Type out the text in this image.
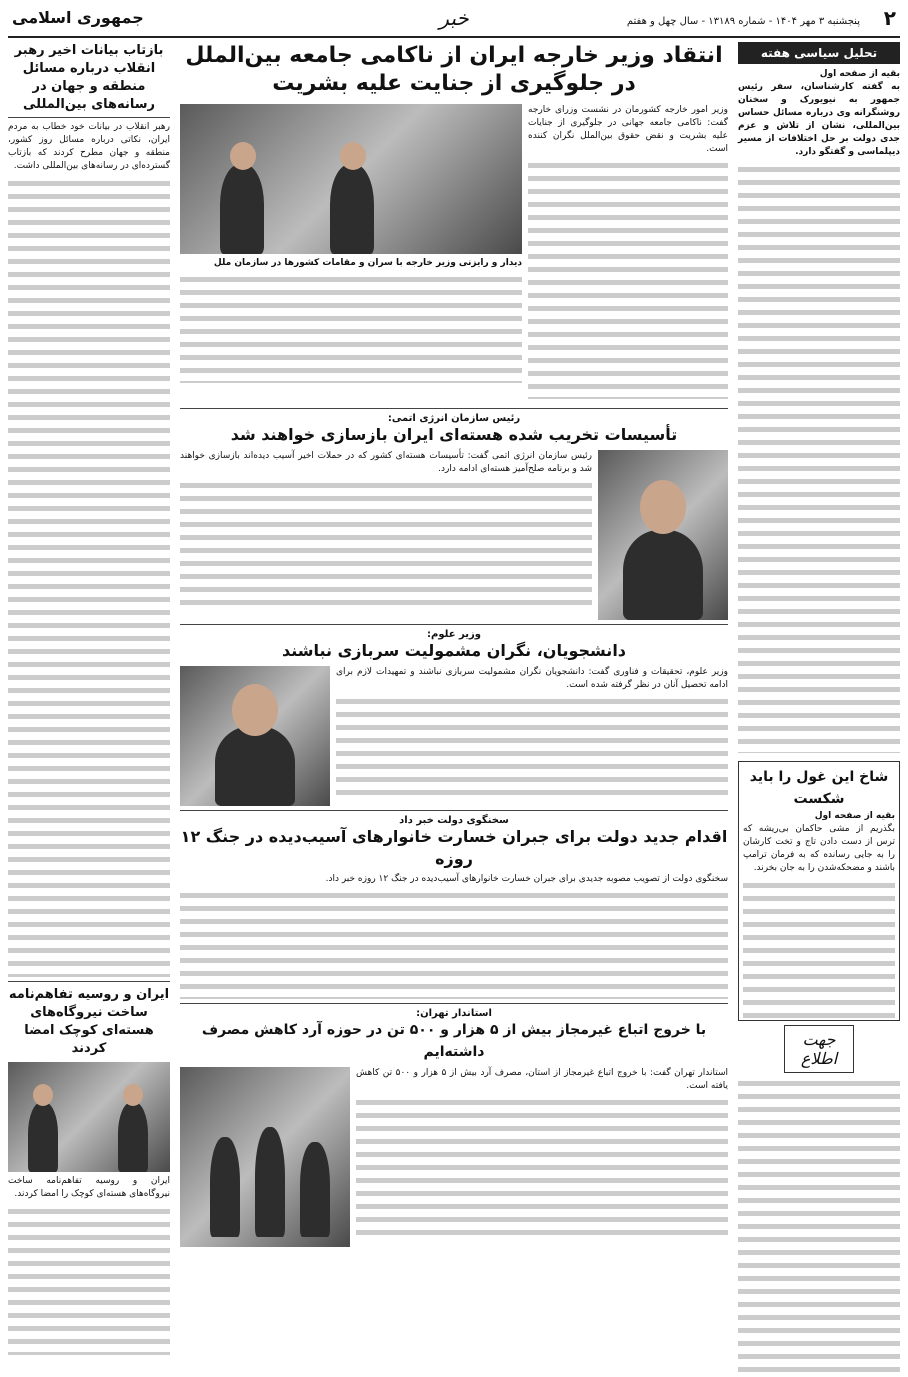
۲
پنجشنبه ۳ مهر ۱۴۰۴ - شماره ۱۳۱۸۹ - سال چهل و هفتم
خبر
جمهوری اسلامی
تحلیل سیاسی هفته
بقیه از صفحه اول
به گفته کارشناسان، سفر رئیس جمهور به نیویورک و سخنان روشنگرانه وی درباره مسائل حساس بین‌المللی، نشان از تلاش و عزم جدی دولت بر حل اختلافات از مسیر دیپلماسی و گفتگو دارد.
شاخ این غول را باید شکست
بقیه از صفحه اول
بگذریم از مشی حاکمان بی‌ریشه که ترس از دست دادن تاج و تخت کارشان را به جایی رسانده که به فرمان ترامپ باشند و مضحکه‌شدن را به جان بخرند.
جهت اطلاع
بازتاب بیانات اخیر رهبر انقلاب درباره مسائل منطقه و جهان در رسانه‌های بین‌المللی
رهبر انقلاب در بیانات خود خطاب به مردم ایران، نکاتی درباره مسائل روز کشور، منطقه و جهان مطرح کردند که بازتاب گسترده‌ای در رسانه‌های بین‌المللی داشت.
ایران و روسیه تفاهم‌نامه ساخت نیروگاه‌های هسته‌ای کوچک امضا کردند
ایران و روسیه تفاهم‌نامه ساخت نیروگاه‌های هسته‌ای کوچک را امضا کردند.
انتقاد وزیر خارجه ایران از ناکامی جامعه بین‌الملل در جلوگیری از جنایت علیه بشریت
وزیر امور خارجه کشورمان در نشست وزرای خارجه گفت: ناکامی جامعه جهانی در جلوگیری از جنایات علیه بشریت و نقض حقوق بین‌الملل نگران کننده است.
دیدار و رایزنی وزیر خارجه با سران و مقامات کشورها در سازمان ملل
رئیس سازمان انرژی اتمی:
تأسیسات تخریب شده هسته‌ای ایران بازسازی خواهند شد
رئیس سازمان انرژی اتمی گفت: تأسیسات هسته‌ای کشور که در حملات اخیر آسیب دیده‌اند بازسازی خواهند شد و برنامه صلح‌آمیز هسته‌ای ادامه دارد.
وزیر علوم:
دانشجویان، نگران مشمولیت سربازی نباشند
وزیر علوم، تحقیقات و فناوری گفت: دانشجویان نگران مشمولیت سربازی نباشند و تمهیدات لازم برای ادامه تحصیل آنان در نظر گرفته شده است.
سخنگوی دولت خبر داد
اقدام جدید دولت برای جبران خسارت خانوارهای آسیب‌دیده در جنگ ۱۲ روزه
سخنگوی دولت از تصویب مصوبه جدیدی برای جبران خسارت خانوارهای آسیب‌دیده در جنگ ۱۲ روزه خبر داد.
استاندار تهران:
با خروج اتباع غیرمجاز بیش از ۵ هزار و ۵۰۰ تن در حوزه آرد کاهش مصرف داشته‌ایم
استاندار تهران گفت: با خروج اتباع غیرمجاز از استان، مصرف آرد بیش از ۵ هزار و ۵۰۰ تن کاهش یافته است.
